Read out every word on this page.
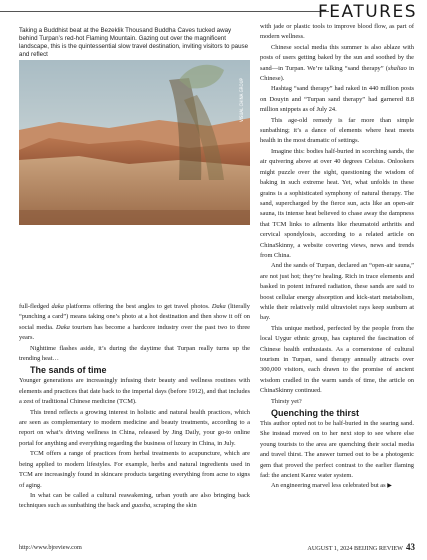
FEATURES
Taking a Buddhist beat at the Bezeklik Thousand Buddha Caves tucked away behind Turpan’s red-hot Flaming Mountain. Gazing out over the magnificent landscape, this is the quintessential slow travel destination, inviting visitors to pause and reflect
VISUAL CHINA GROUP

full-fledged daka platforms offering the best angles to get travel photos. Daka (literally “punching a card”) means taking one’s photo at a hot destination and then show it off on social media. Daka tourism has become a hardcore industry over the past two to three years.

Nighttime flashes aside, it’s during the daytime that Turpan really turns up the trending heat…

The sands of time

Younger generations are increasingly infusing their beauty and wellness routines with elements and practices that date back to the imperial days (before 1912), and that includes a zest of traditional Chinese medicine (TCM).

This trend reflects a growing interest in holistic and natural health practices, which are seen as complementary to modern medicine and beauty treatments, according to a report on what’s driving wellness in China, released by Jing Daily, your go-to online portal for anything and everything regarding the business of luxury in China, in July.

TCM offers a range of practices from herbal treatments to acupuncture, which are being applied to modern lifestyles. For example, herbs and natural ingredients used in TCM are increasingly found in skincare products targeting everything from acne to signs of aging.

In what can be called a cultural reawakening, urban youth are also bringing back techniques such as sunbathing the back and guasha, scraping the skin

with jade or plastic tools to improve blood flow, as part of modern wellness.

Chinese social media this summer is also ablaze with posts of users getting baked by the sun and soothed by the sand—in Turpan. We’re talking “sand therapy” (shaliao in Chinese).

Hashtag “sand therapy” had raked in 440 million posts on Douyin and “Turpan sand therapy” had garnered 8.8 million snippets as of July 24.

This age-old remedy is far more than simple sunbathing; it’s a dance of elements where heat meets health in the most dramatic of settings.

Imagine this: bodies half-buried in scorching sands, the air quivering above at over 40 degrees Celsius. Onlookers might puzzle over the sight, questioning the wisdom of baking in such extreme heat. Yet, what unfolds in these grains is a sophisticated symphony of natural therapy. The sand, supercharged by the fierce sun, acts like an open-air sauna, its intense heat believed to chase away the dampness that TCM links to ailments like rheumatoid arthritis and cervical spondylosis, according to a related article on ChinaSkinny, a website covering views, news and trends from China.

And the sands of Turpan, declared an “open-air sauna,” are not just hot; they’re healing. Rich in trace elements and basked in potent infrared radiation, these sands are said to boost cellular energy absorption and kick-start metabolism, while their relatively mild ultraviolet rays keep sunburn at bay.

This unique method, perfected by the people from the local Uygur ethnic group, has captured the fascination of Chinese health enthusiasts. As a cornerstone of cultural tourism in Turpan, sand therapy annually attracts over 300,000 visitors, each drawn to the promise of ancient wisdom cradled in the warm sands of time, the article on ChinaSkinny continued.

Thirsty yet?

Quenching the thirst

This author opted not to be half-buried in the searing sand. She instead moved on to her next stop to see where else young tourists to the area are quenching their social media and travel thirst. The answer turned out to be a photogenic gem that proved the perfect contrast to the earlier flaming fad: the ancient Karez water system.

An engineering marvel less celebrated but as ▶

http://www.bjreview.com	AUGUST 1, 2024 BEIJING REVIEW 43
